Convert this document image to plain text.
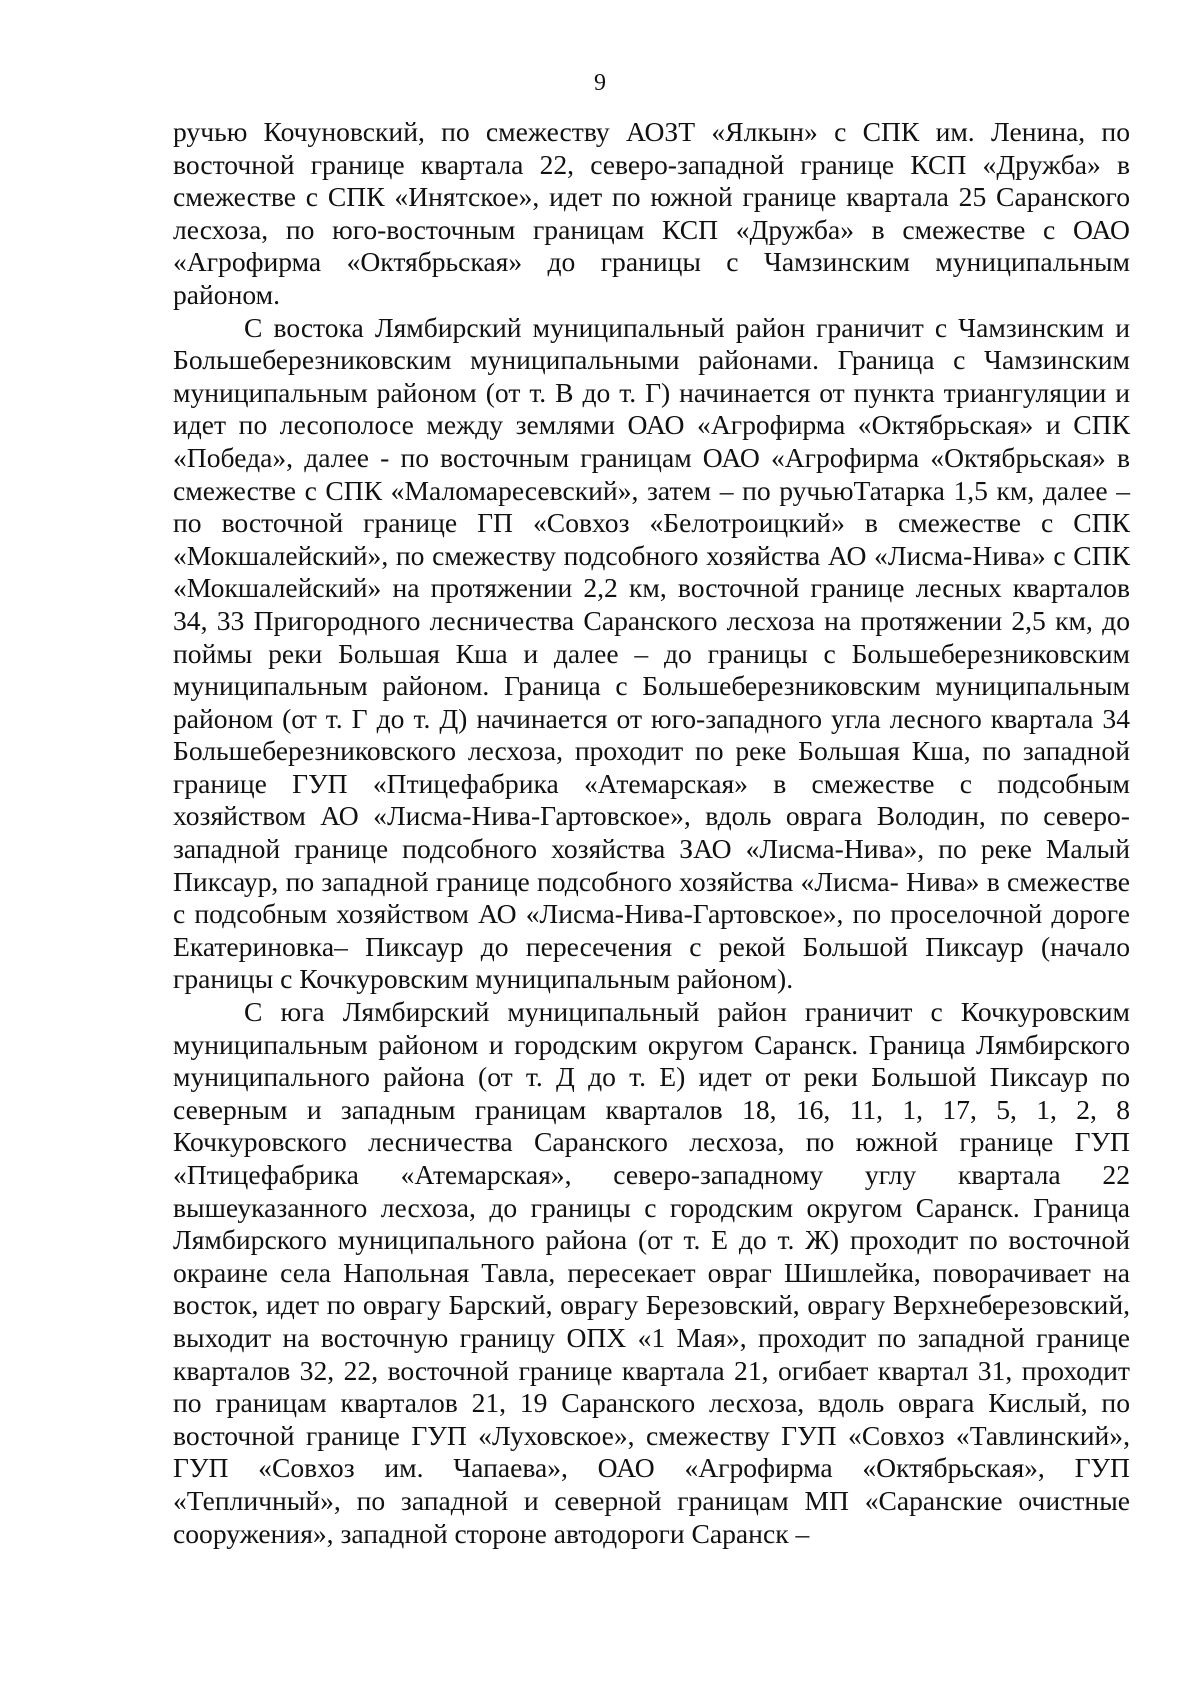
9

ручью Кочуновский, по смежеству АОЗТ «Ялкын» с СПК им. Ленина, по восточной границе квартала 22, северо-западной границе КСП «Дружба» в смежестве с СПК «Инятское», идет по южной границе квартала 25 Саранского лесхоза, по юго-восточным границам КСП «Дружба» в смежестве с ОАО «Агрофирма «Октябрьская» до границы с Чамзинским муниципальным районом.

С востока Лямбирский муниципальный район граничит с Чамзинским и Большеберезниковским муниципальными районами. Граница с Чамзинским муниципальным районом (от т. В до т. Г) начинается от пункта триангуляции и идет по лесополосе между землями ОАО «Агрофирма «Октябрьская» и СПК «Победа», далее - по восточным границам ОАО «Агрофирма «Октябрьская» в смежестве с СПК «Маломаресевский», затем – по ручьюТатарка 1,5 км, далее – по восточной границе ГП «Совхоз «Белотроицкий» в смежестве с СПК «Мокшалейский», по смежеству подсобного хозяйства АО «Лисма-Нива» с СПК «Мокшалейский» на протяжении 2,2 км, восточной границе лесных кварталов 34, 33 Пригородного лесничества Саранского лесхоза на протяжении 2,5 км, до поймы реки Большая Кша и далее – до границы с Большеберезниковским муниципальным районом. Граница с Большеберезниковским муниципальным районом (от т. Г до т. Д) начинается от юго-западного угла лесного квартала 34 Большеберезниковского лесхоза, проходит по реке Большая Кша, по западной границе ГУП «Птицефабрика «Атемарская» в смежестве с подсобным хозяйством АО «Лисма-Нива-Гартовское», вдоль оврага Володин, по северо-западной границе подсобного хозяйства ЗАО «Лисма-Нива», по реке Малый Пиксаур, по западной границе подсобного хозяйства «Лисма- Нива» в смежестве с подсобным хозяйством АО «Лисма-Нива-Гартовское», по проселочной дороге Екатериновка– Пиксаур до пересечения с рекой Большой Пиксаур (начало границы с Кочкуровским муниципальным районом).

С юга Лямбирский муниципальный район граничит с Кочкуровским муниципальным районом и городским округом Саранск. Граница Лямбирского муниципального района (от т. Д до т. Е) идет от реки Большой Пиксаур по северным и западным границам кварталов 18, 16, 11, 1, 17, 5, 1, 2, 8 Кочкуровского лесничества Саранского лесхоза, по южной границе ГУП «Птицефабрика «Атемарская», северо-западному углу квартала 22 вышеуказанного лесхоза, до границы с городским округом Саранск. Граница Лямбирского муниципального района (от т. Е до т. Ж) проходит по восточной окраине села Напольная Тавла, пересекает овраг Шишлейка, поворачивает на восток, идет по оврагу Барский, оврагу Березовский, оврагу Верхнеберезовский, выходит на восточную границу ОПХ «1 Мая», проходит по западной границе кварталов 32, 22, восточной границе квартала 21, огибает квартал 31, проходит по границам кварталов 21, 19 Саранского лесхоза, вдоль оврага Кислый, по восточной границе ГУП «Луховское», смежеству ГУП «Совхоз «Тавлинский», ГУП «Совхоз им. Чапаева», ОАО «Агрофирма «Октябрьская», ГУП «Тепличный», по западной и северной границам МП «Саранские очистные сооружения», западной стороне автодороги Саранск –
